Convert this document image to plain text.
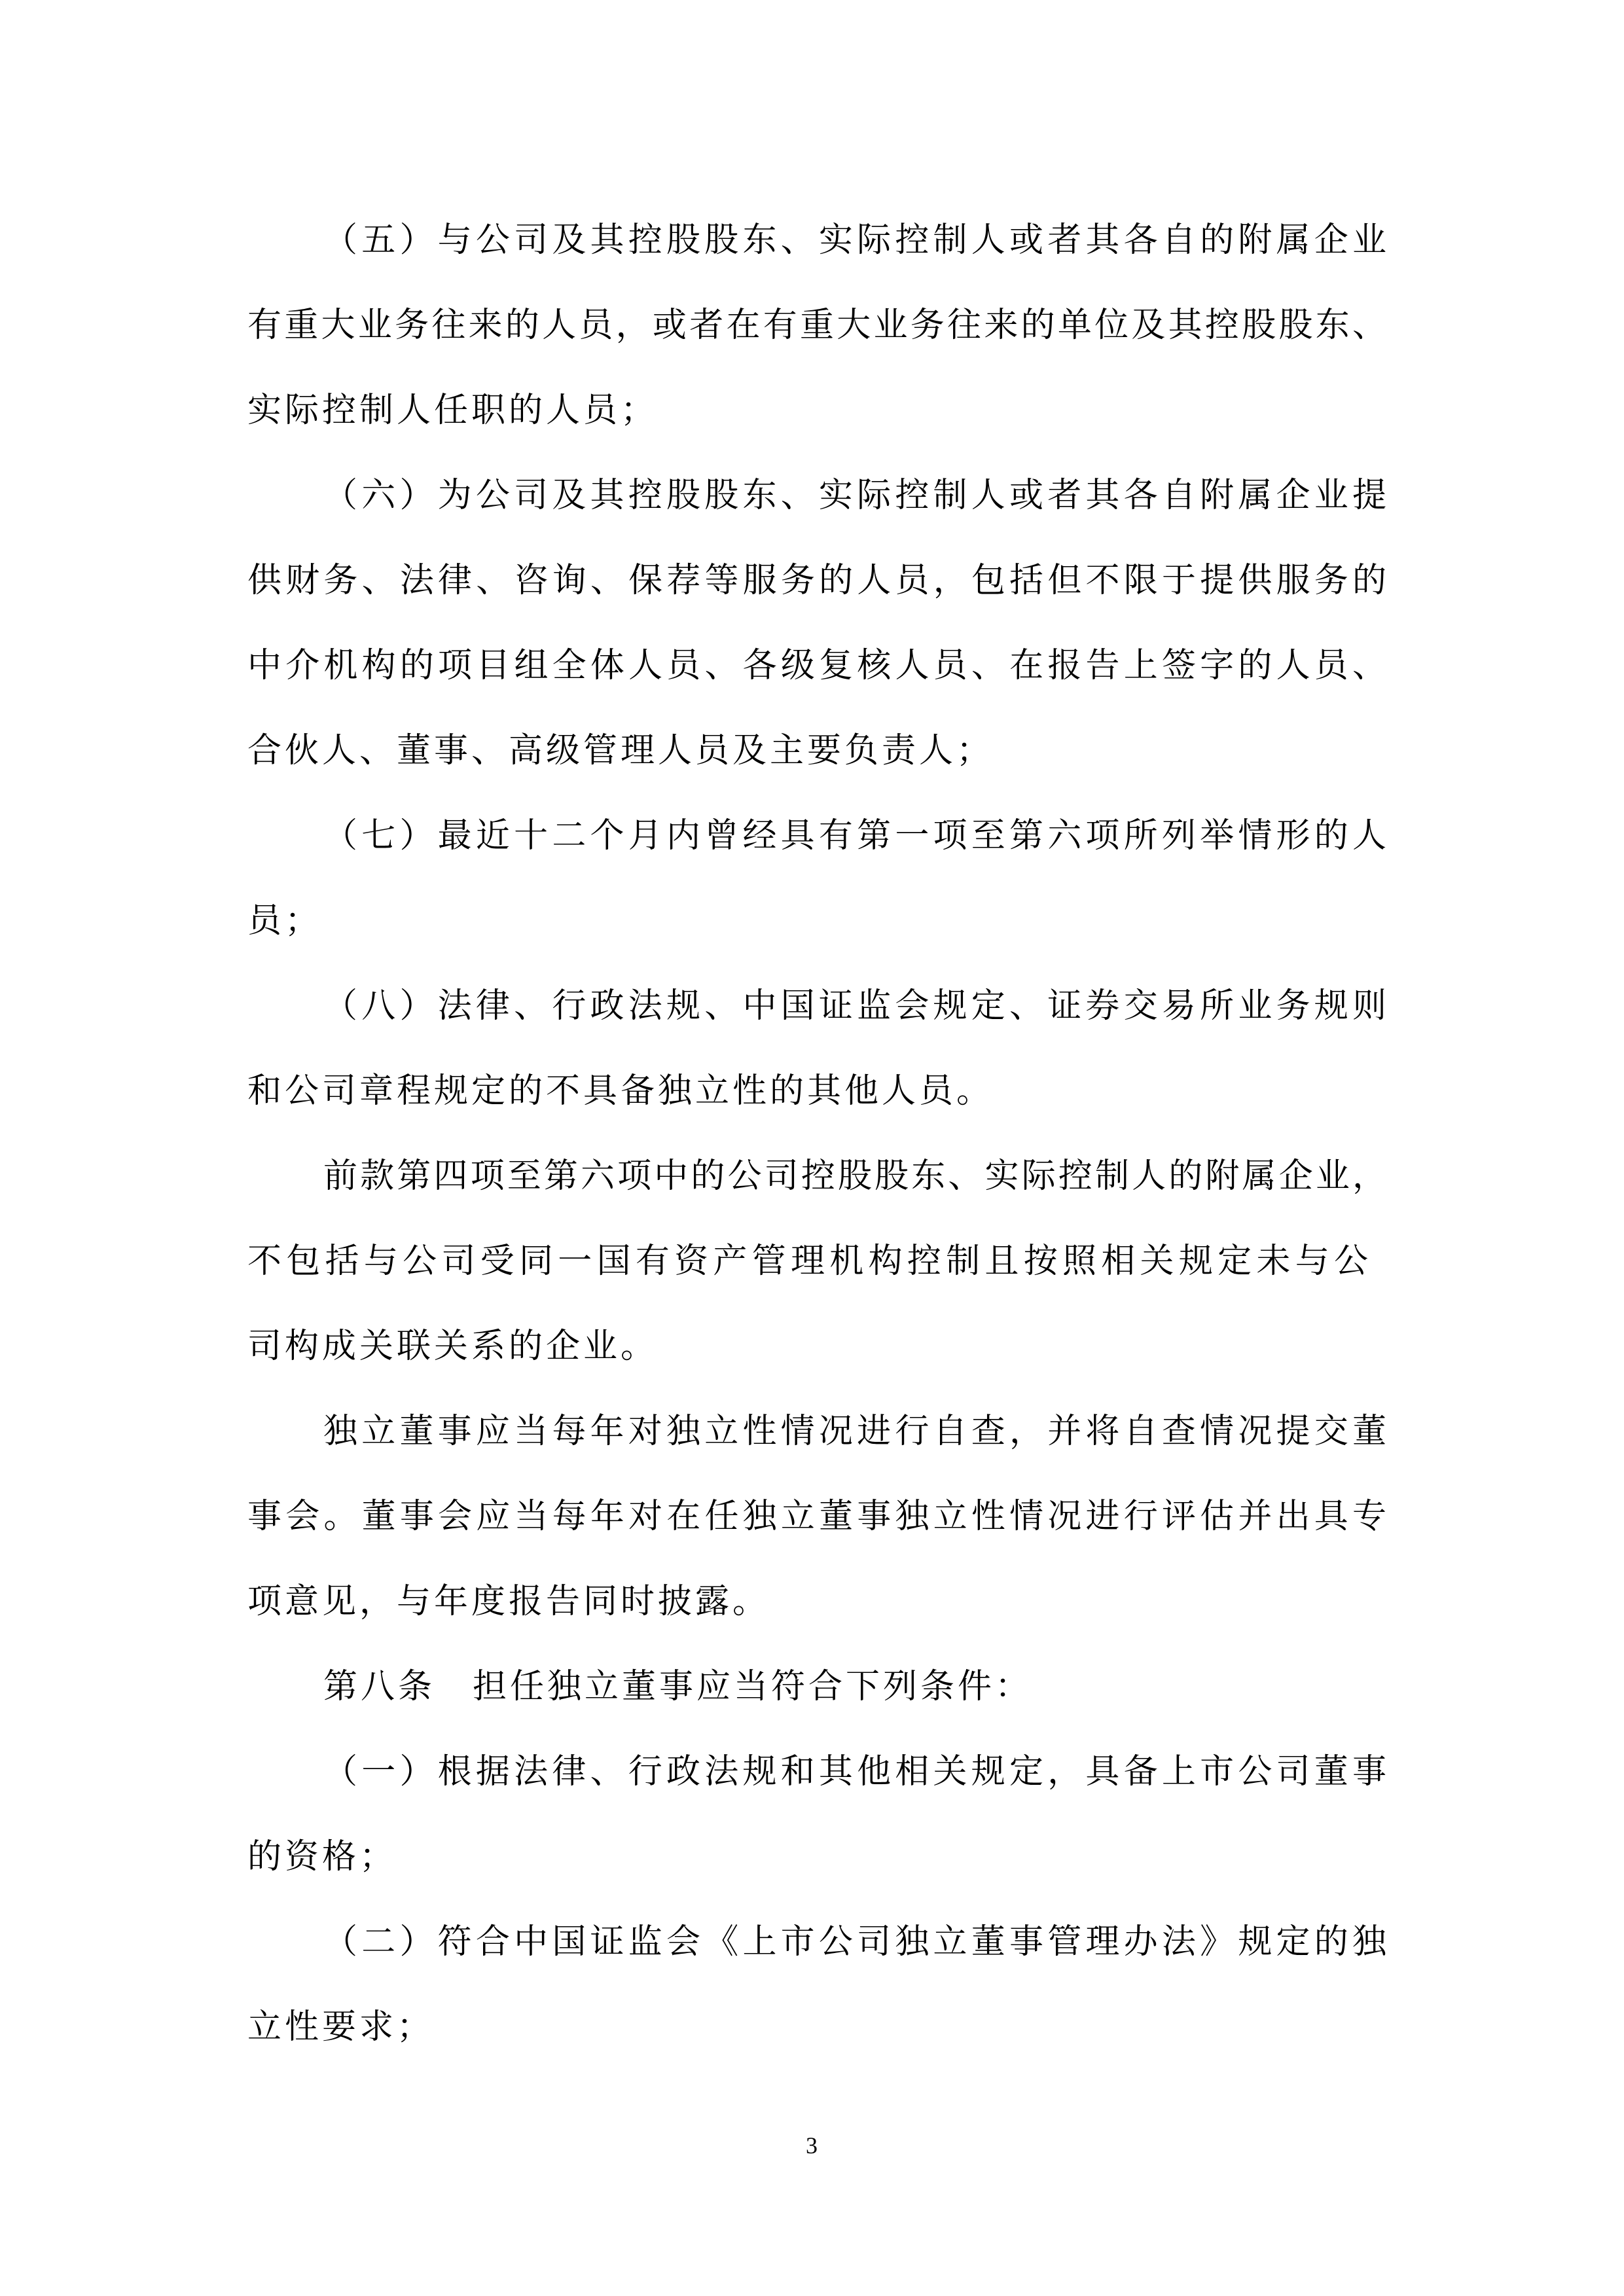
（五）与公司及其控股股东、实际控制人或者其各自的附属企业
有重大业务往来的人员，或者在有重大业务往来的单位及其控股股东、
实际控制人任职的人员；
（六）为公司及其控股股东、实际控制人或者其各自附属企业提
供财务、法律、咨询、保荐等服务的人员，包括但不限于提供服务的
中介机构的项目组全体人员、各级复核人员、在报告上签字的人员、
合伙人、董事、高级管理人员及主要负责人；
（七）最近十二个月内曾经具有第一项至第六项所列举情形的人
员；
（八）法律、行政法规、中国证监会规定、证券交易所业务规则
和公司章程规定的不具备独立性的其他人员。
前款第四项至第六项中的公司控股股东、实际控制人的附属企业，
不包括与公司受同一国有资产管理机构控制且按照相关规定未与公
司构成关联关系的企业。
独立董事应当每年对独立性情况进行自查，并将自查情况提交董
事会。董事会应当每年对在任独立董事独立性情况进行评估并出具专
项意见，与年度报告同时披露。
第八条　担任独立董事应当符合下列条件：
（一）根据法律、行政法规和其他相关规定，具备上市公司董事
的资格；
（二）符合中国证监会《上市公司独立董事管理办法》规定的独
立性要求；
3
